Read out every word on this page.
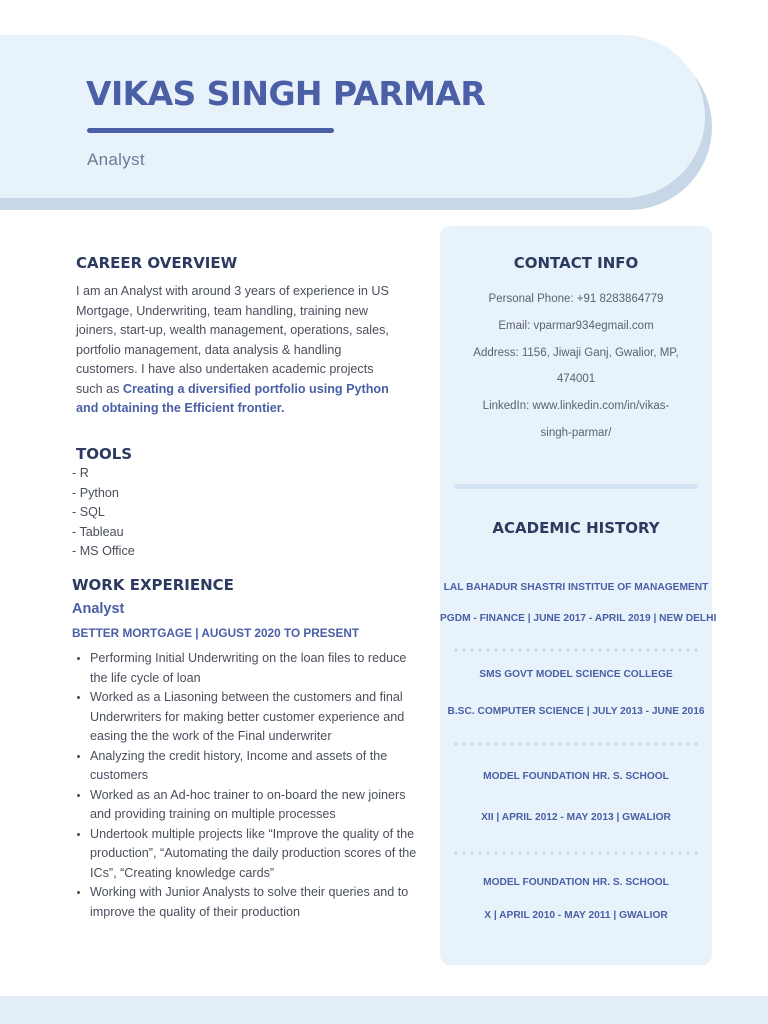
VIKAS SINGH PARMAR
Analyst
CONTACT INFO
Personal Phone: +91 8283864779
Email: vparmar934egmail.com
Address: 1156, Jiwaji Ganj, Gwalior, MP,
474001
LinkedIn: www.linkedin.com/in/vikas-
singh-parmar/
ACADEMIC HISTORY
LAL BAHADUR SHASTRI INSTITUE OF MANAGEMENT
PGDM - FINANCE | JUNE 2017 - APRIL 2019 | NEW DELHI
SMS GOVT MODEL SCIENCE COLLEGE
B.SC. COMPUTER SCIENCE | JULY 2013 - JUNE 2016
MODEL FOUNDATION HR. S. SCHOOL
XII | APRIL 2012 - MAY 2013 | GWALIOR
MODEL FOUNDATION HR. S. SCHOOL
X | APRIL 2010 - MAY 2011 | GWALIOR
CAREER OVERVIEW

I am an Analyst with around 3 years of experience in US Mortgage, Underwriting, team handling, training new joiners, start-up, wealth management, operations, sales, portfolio management, data analysis & handling customers. I have also undertaken academic projects such as Creating a diversified portfolio using Python and obtaining the Efficient frontier.

TOOLS
- R
- Python
- SQL
- Tableau
- MS Office
WORK EXPERIENCE
Analyst
BETTER MORTGAGE | AUGUST 2020 TO PRESENT
• Performing Initial Underwriting on the loan files to reduce the life cycle of loan
• Worked as a Liasoning between the customers and final Underwriters for making better customer experience and easing the the work of the Final underwriter
• Analyzing the credit history, Income and assets of the customers
• Worked as an Ad-hoc trainer to on-board the new joiners and providing training on multiple processes
• Undertook multiple projects like “Improve the quality of the production”, “Automating the daily production scores of the ICs”, “Creating knowledge cards”
• Working with Junior Analysts to solve their queries and to improve the quality of their production
